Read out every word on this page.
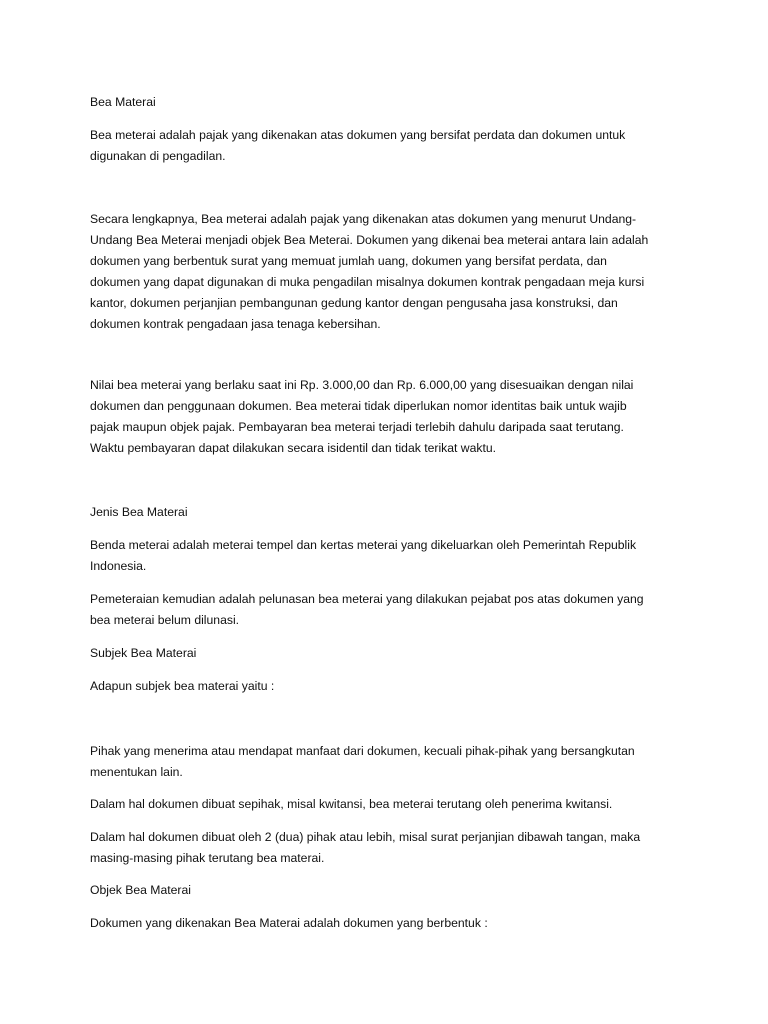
Bea Materai

Bea meterai adalah pajak yang dikenakan atas dokumen yang bersifat perdata dan dokumen untuk
digunakan di pengadilan.

Secara lengkapnya, Bea meterai adalah pajak yang dikenakan atas dokumen yang menurut Undang-
Undang Bea Meterai menjadi objek Bea Meterai. Dokumen yang dikenai bea meterai antara lain adalah
dokumen yang berbentuk surat yang memuat jumlah uang, dokumen yang bersifat perdata, dan
dokumen yang dapat digunakan di muka pengadilan misalnya dokumen kontrak pengadaan meja kursi
kantor, dokumen perjanjian pembangunan gedung kantor dengan pengusaha jasa konstruksi, dan
dokumen kontrak pengadaan jasa tenaga kebersihan.

Nilai bea meterai yang berlaku saat ini Rp. 3.000,00 dan Rp. 6.000,00 yang disesuaikan dengan nilai
dokumen dan penggunaan dokumen. Bea meterai tidak diperlukan nomor identitas baik untuk wajib
pajak maupun objek pajak. Pembayaran bea meterai terjadi terlebih dahulu daripada saat terutang.
Waktu pembayaran dapat dilakukan secara isidentil dan tidak terikat waktu.

Jenis Bea Materai

Benda meterai adalah meterai tempel dan kertas meterai yang dikeluarkan oleh Pemerintah Republik
Indonesia.

Pemeteraian kemudian adalah pelunasan bea meterai yang dilakukan pejabat pos atas dokumen yang
bea meterai belum dilunasi.

Subjek Bea Materai

Adapun subjek bea materai yaitu :

Pihak yang menerima atau mendapat manfaat dari dokumen, kecuali pihak-pihak yang bersangkutan
menentukan lain.

Dalam hal dokumen dibuat sepihak, misal kwitansi, bea meterai terutang oleh penerima kwitansi.

Dalam hal dokumen dibuat oleh 2 (dua) pihak atau lebih, misal surat perjanjian dibawah tangan, maka
masing-masing pihak terutang bea materai.

Objek Bea Materai

Dokumen yang dikenakan Bea Materai adalah dokumen yang berbentuk :
